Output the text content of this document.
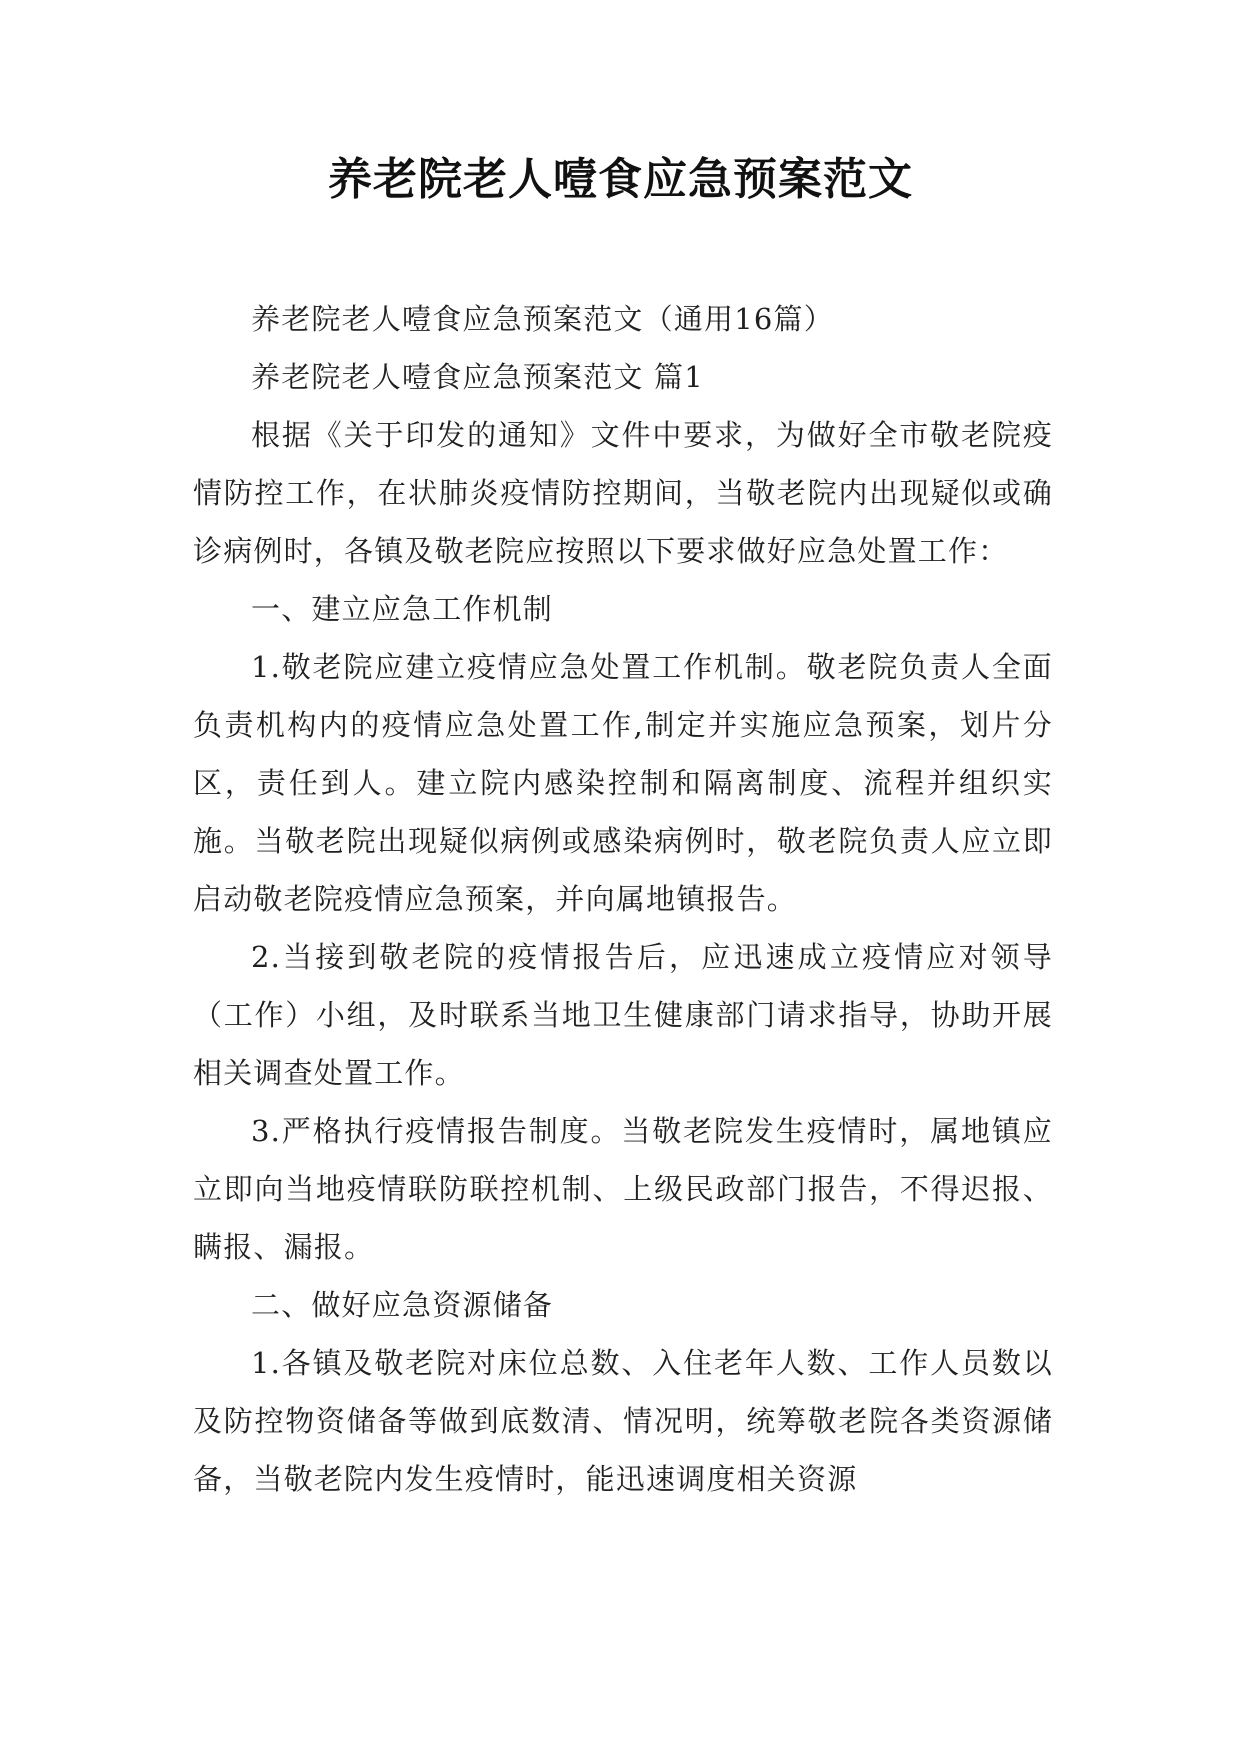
养老院老人噎食应急预案范文

养老院老人噎食应急预案范文（通用16篇）

养老院老人噎食应急预案范文 篇1

根据《关于印发的通知》文件中要求，为做好全市敬老院疫情防控工作，在状肺炎疫情防控期间，当敬老院内出现疑似或确诊病例时，各镇及敬老院应按照以下要求做好应急处置工作：

一、建立应急工作机制

1.敬老院应建立疫情应急处置工作机制。敬老院负责人全面负责机构内的疫情应急处置工作,制定并实施应急预案，划片分区，责任到人。建立院内感染控制和隔离制度、流程并组织实施。当敬老院出现疑似病例或感染病例时，敬老院负责人应立即启动敬老院疫情应急预案，并向属地镇报告。

2.当接到敬老院的疫情报告后，应迅速成立疫情应对领导（工作）小组，及时联系当地卫生健康部门请求指导，协助开展相关调查处置工作。

3.严格执行疫情报告制度。当敬老院发生疫情时，属地镇应立即向当地疫情联防联控机制、上级民政部门报告，不得迟报、瞒报、漏报。

二、做好应急资源储备

1.各镇及敬老院对床位总数、入住老年人数、工作人员数以及防控物资储备等做到底数清、情况明，统筹敬老院各类资源储备，当敬老院内发生疫情时，能迅速调度相关资源
